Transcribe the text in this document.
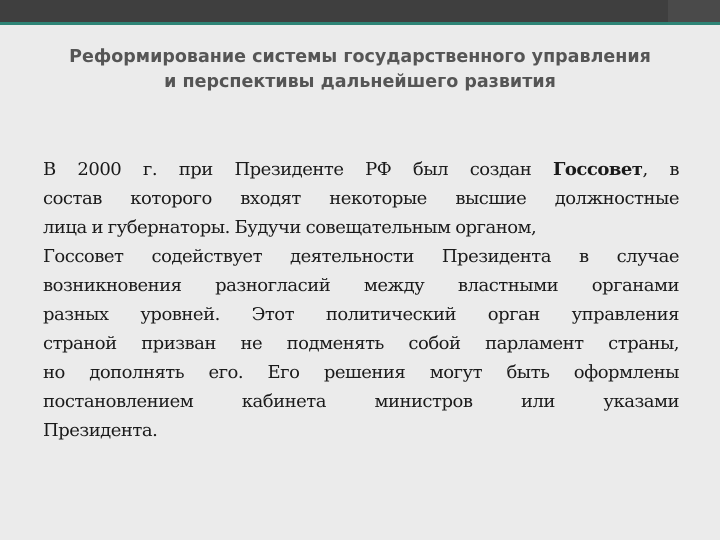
Реформирование системы государственного управления
и перспективы дальнейшего развития
В 2000 г. при Президенте РФ был создан Госсовет, в
состав которого входят некоторые высшие должностные
лица и губернаторы. Будучи совещательным органом,
Госсовет содействует деятельности Президента в случае
возникновения разногласий между властными органами
разных уровней. Этот политический орган управления
страной призван не подменять собой парламент страны,
но дополнять его. Его решения могут быть оформлены
постановлением кабинета министров или указами
Президента.
